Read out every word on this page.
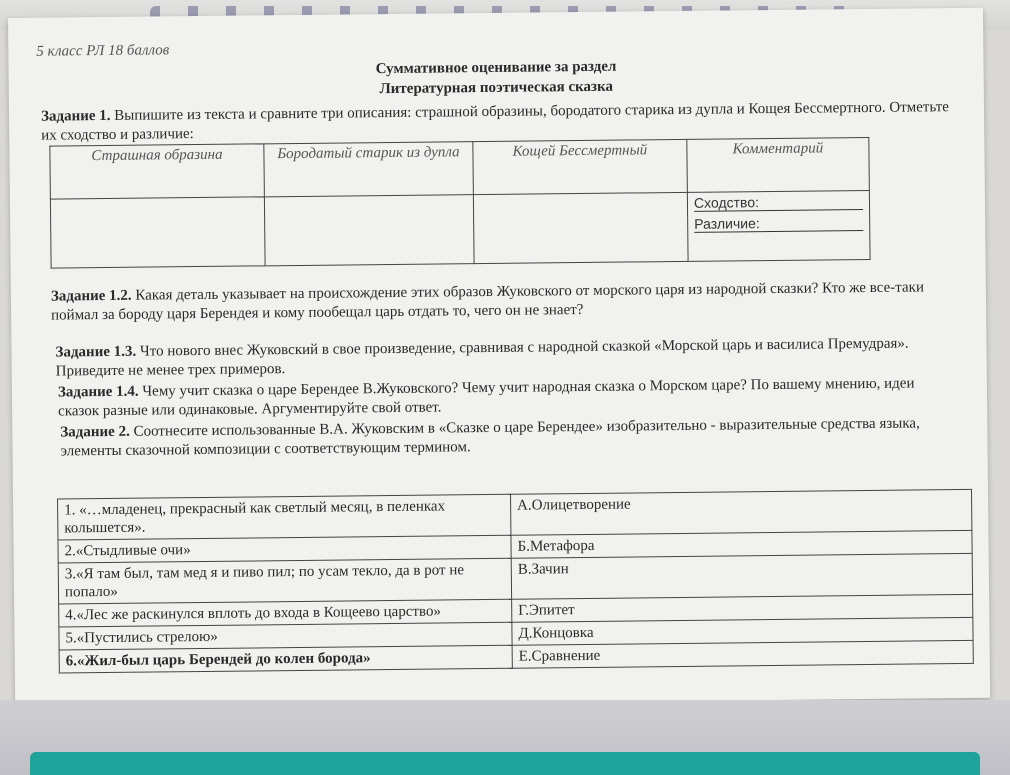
5 класс РЛ 18 баллов
Суммативное оценивание за раздел
Литературная поэтическая сказка
Задание 1. Выпишите из текста и сравните три описания: страшной образины, бородатого старика из дупла и Кощея Бессмертного. Отметьте их сходство и различие:
Страшная образина	Бородатый старик из дупла	Кощей Бессмертный	Комментарий

			Сходство:
Различие:
Задание 1.2. Какая деталь указывает на происхождение этих образов Жуковского от морского царя из народной сказки? Кто же все-таки поймал за бороду царя Берендея и кому пообещал царь отдать то, чего он не знает?
Задание 1.3. Что нового внес Жуковский в свое произведение, сравнивая с народной сказкой «Морской царь и василиса Премудрая». Приведите не менее трех примеров.
Задание 1.4. Чему учит сказка о царе Берендее В.Жуковского? Чему учит народная сказка о Морском царе? По вашему мнению, идеи сказок разные или одинаковые. Аргументируйте свой ответ.
Задание 2. Соотнесите использованные В.А. Жуковским в «Сказке о царе Берендее» изобразительно - выразительные средства языка, элементы сказочной композиции с соответствующим термином.
1. «…младенец, прекрасный как светлый месяц, в пеленках колышется».	А.Олицетворение
2.«Стыдливые очи»	Б.Метафора
3.«Я там был, там мед я и пиво пил; по усам текло, да в рот не попало»	В.Зачин
4.«Лес же раскинулся вплоть до входа в Кощеево царство»	Г.Эпитет
5.«Пустились стрелою»	Д.Концовка
6.«Жил-был царь Берендей до колен борода»	Е.Сравнение
